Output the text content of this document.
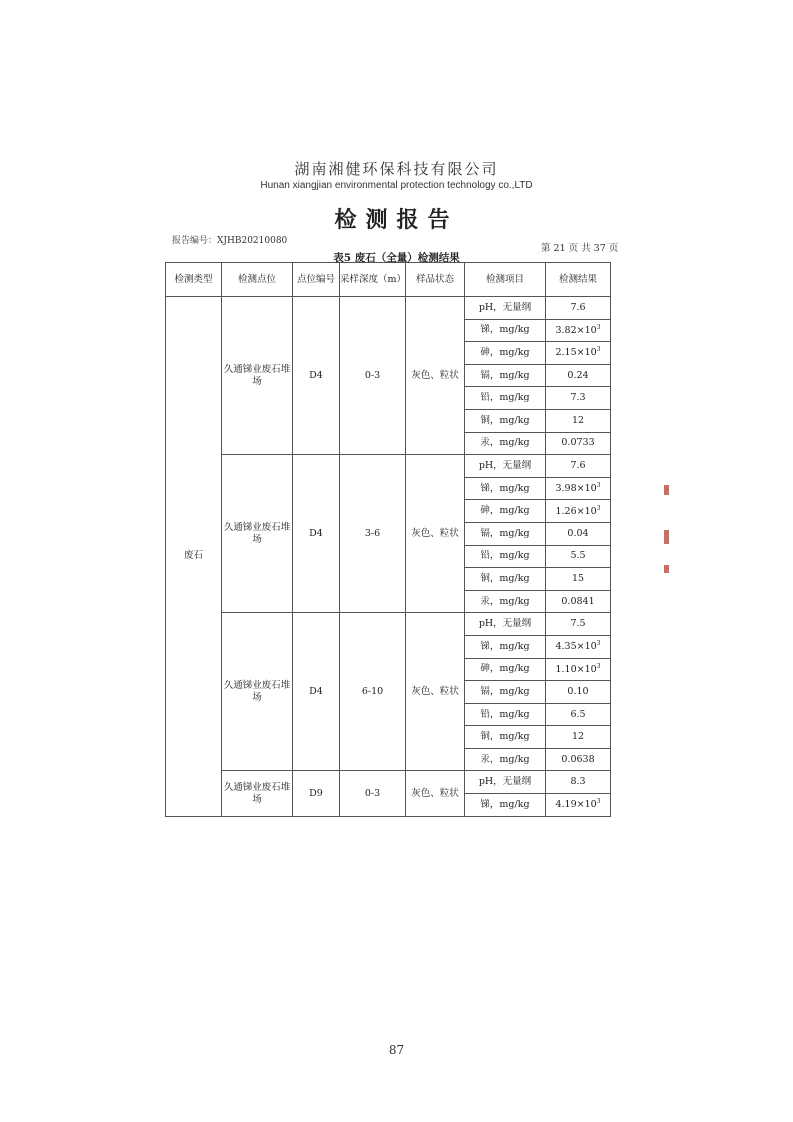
湖南湘健环保科技有限公司
Hunan xiangjian environmental protection technology co.,LTD
检测报告
报告编号：XJHB20210080
第 21 页 共 37 页
表5 废石（全量）检测结果
检测类型	检测点位	点位编号	采样深度（m）	样品状态	检测项目	检测结果
废石	久通锑业废石堆场	D4	0-3	灰色、粒状	pH，无量纲	7.6
					锑，mg/kg	$3.82\times 10^3$
					砷，mg/kg	$2.15\times 10^3$
					镉，mg/kg	0.24
					铅，mg/kg	7.3
					铜，mg/kg	12
					汞，mg/kg	0.0733
	久通锑业废石堆场	D4	3-6	灰色、粒状	pH，无量纲	7.6
					锑，mg/kg	$3.98\times 10^3$
					砷，mg/kg	$1.26\times 10^3$
					镉，mg/kg	0.04
					铅，mg/kg	5.5
					铜，mg/kg	15
					汞，mg/kg	0.0841
	久通锑业废石堆场	D4	6-10	灰色、粒状	pH，无量纲	7.5
					锑，mg/kg	$4.35\times 10^3$
					砷，mg/kg	$1.10\times 10^3$
					镉，mg/kg	0.10
					铅，mg/kg	6.5
					铜，mg/kg	12
					汞，mg/kg	0.0638
	久通锑业废石堆场	D9	0-3	灰色、粒状	pH，无量纲	8.3
					锑，mg/kg	$4.19\times 10^3$
87
